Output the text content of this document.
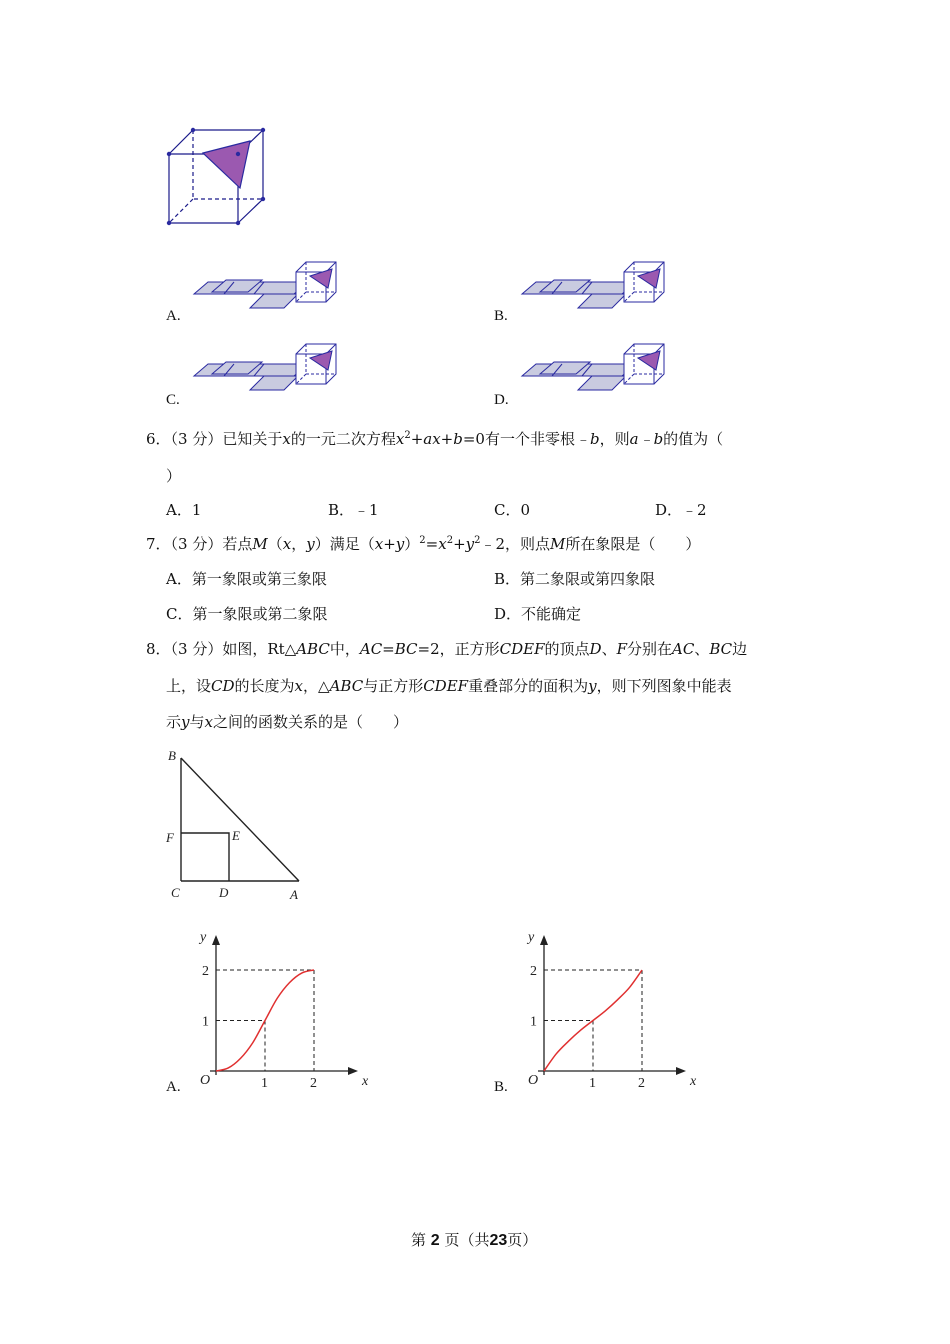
A.	B.
C.	D.
6．（3 分）已知关于x的一元二次方程$x^2+ax+b=0$有一个非零根﹣b，则a﹣b的值为（
）
A．1	B．﹣1	C．0	D．﹣2
7．（3 分）若点M（x，y）满足$(x+y)^2=x^2+y^2﹣2$，则点M所在象限是（　　）
A．第一象限或第三象限	B．第二象限或第四象限
C．第一象限或第二象限	D．不能确定
8．（3 分）如图，Rt△ABC中，AC=BC=2，正方形CDEF的顶点D、F分别在AC、BC边
上，设CD的长度为x，△ABC与正方形CDEF重叠部分的面积为y，则下列图象中能表
示y与x之间的函数关系的是（　　）
B
F	E
C	D	A
y
x
O	1	2
1
2
y
x
O	1	2
1
2
A.	B.
第 2 页（共23页）
